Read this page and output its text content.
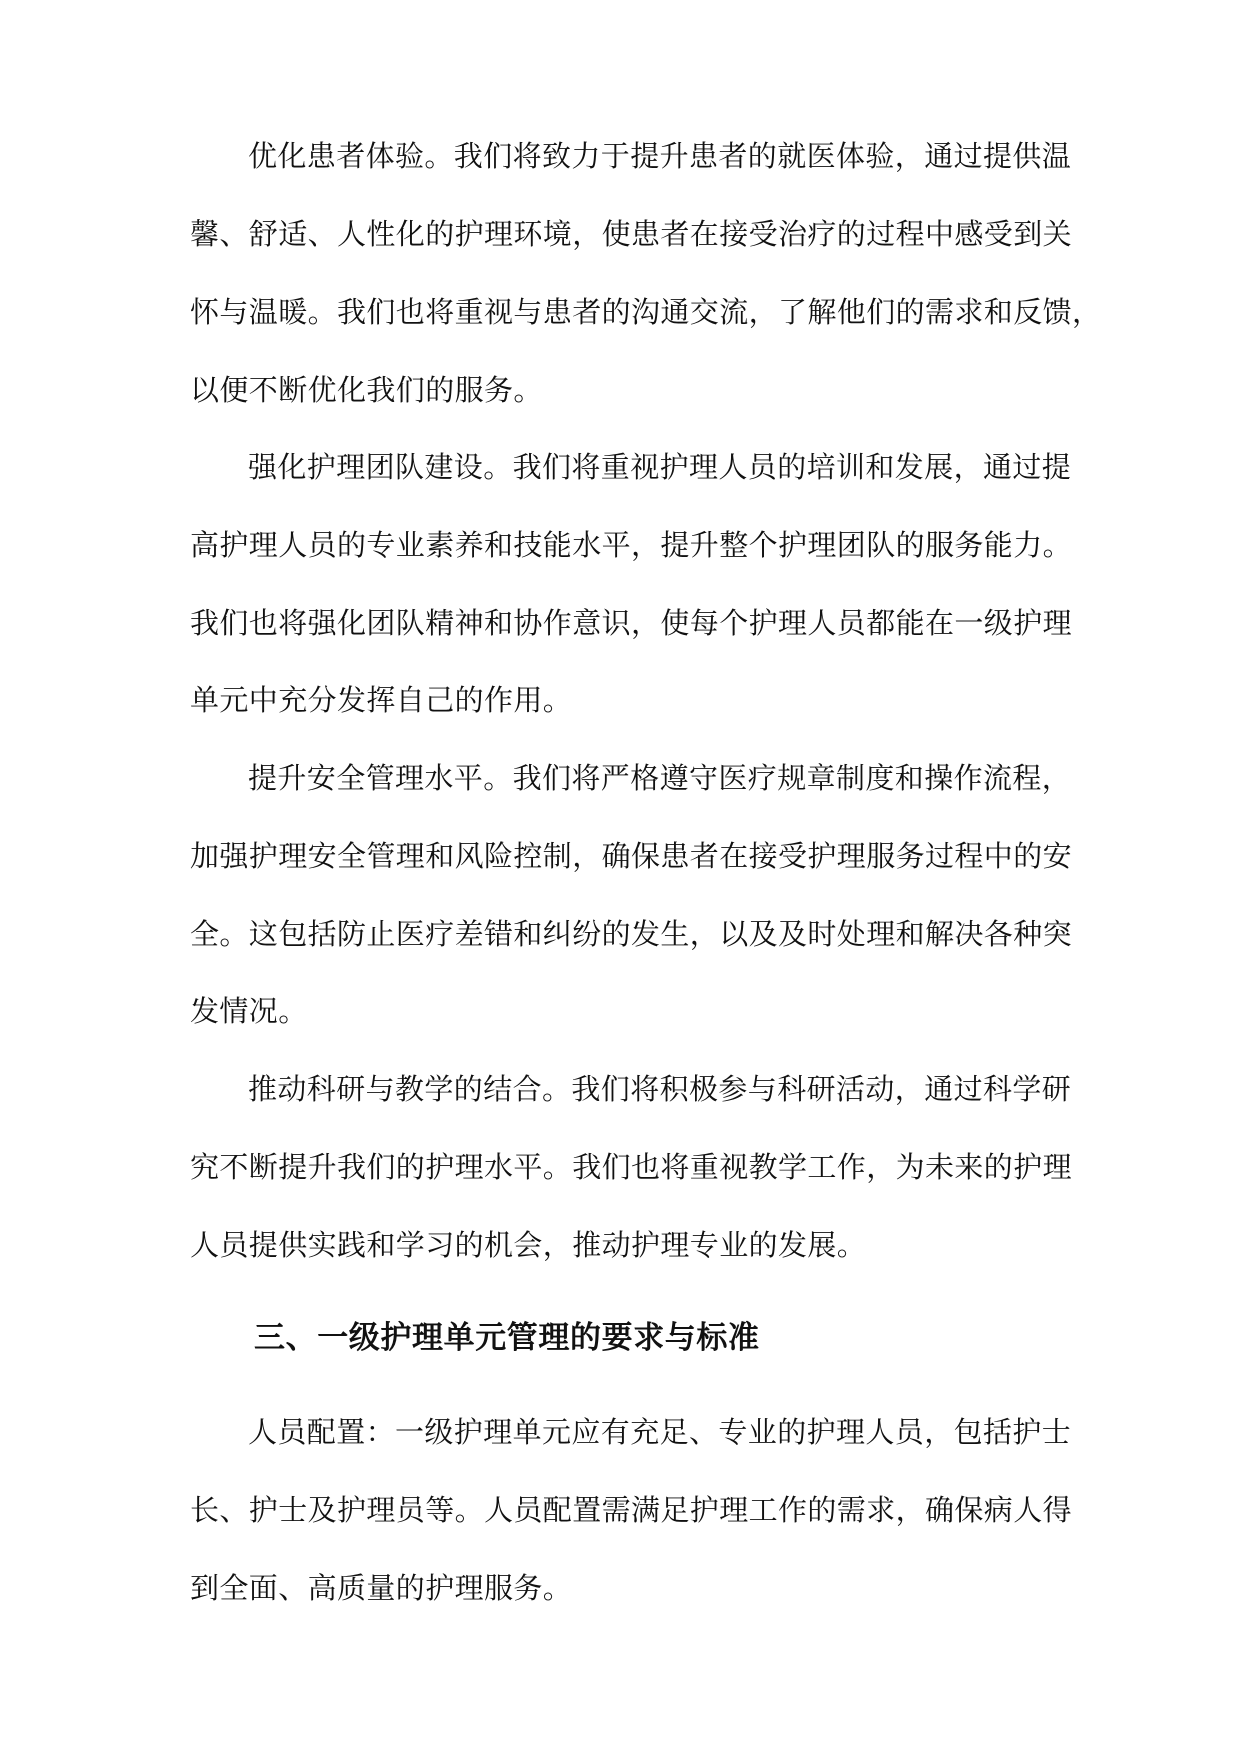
优化患者体验。我们将致力于提升患者的就医体验，通过提供温
馨、舒适、人性化的护理环境，使患者在接受治疗的过程中感受到关
怀与温暖。我们也将重视与患者的沟通交流，了解他们的需求和反馈，
以便不断优化我们的服务。
强化护理团队建设。我们将重视护理人员的培训和发展，通过提
高护理人员的专业素养和技能水平，提升整个护理团队的服务能力。
我们也将强化团队精神和协作意识，使每个护理人员都能在一级护理
单元中充分发挥自己的作用。
提升安全管理水平。我们将严格遵守医疗规章制度和操作流程，
加强护理安全管理和风险控制，确保患者在接受护理服务过程中的安
全。这包括防止医疗差错和纠纷的发生，以及及时处理和解决各种突
发情况。
推动科研与教学的结合。我们将积极参与科研活动，通过科学研
究不断提升我们的护理水平。我们也将重视教学工作，为未来的护理
人员提供实践和学习的机会，推动护理专业的发展。
三、一级护理单元管理的要求与标准
人员配置：一级护理单元应有充足、专业的护理人员，包括护士
长、护士及护理员等。人员配置需满足护理工作的需求，确保病人得
到全面、高质量的护理服务。
